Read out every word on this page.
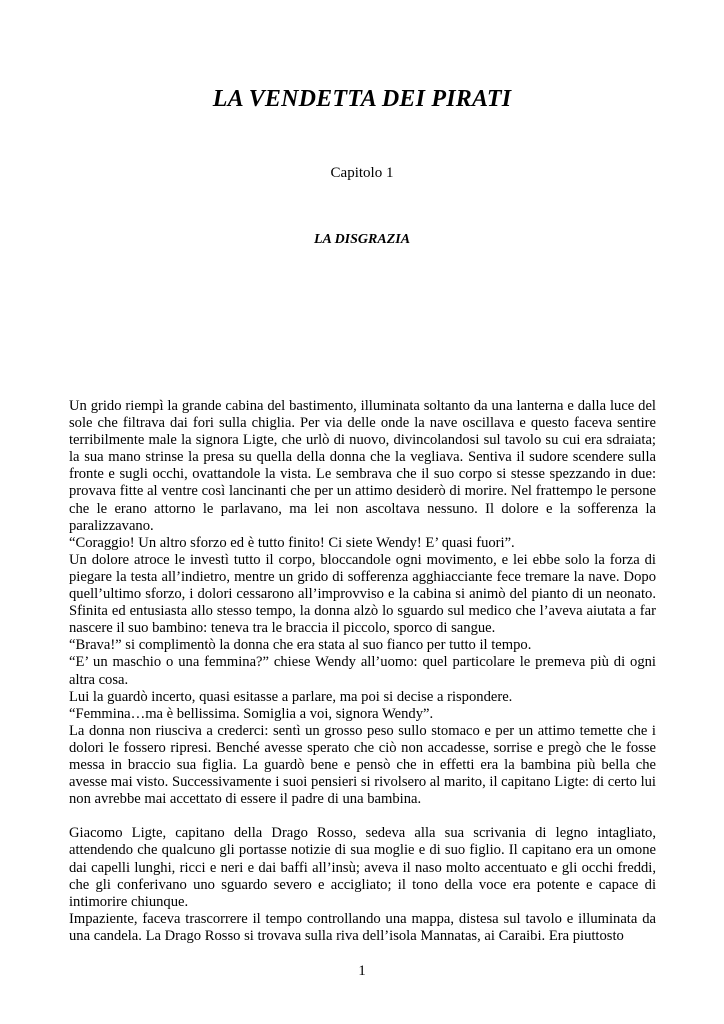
LA VENDETTA DEI PIRATI
Capitolo 1
LA DISGRAZIA

Un grido riempì la grande cabina del bastimento, illuminata soltanto da una lanterna e dalla luce del sole che filtrava dai fori sulla chiglia. Per via delle onde la nave oscillava e questo faceva sentire terribilmente male la signora Ligte, che urlò di nuovo, divincolandosi sul tavolo su cui era sdraiata; la sua mano strinse la presa su quella della donna che la vegliava. Sentiva il sudore scendere sulla fronte e sugli occhi, ovattandole la vista. Le sembrava che il suo corpo si stesse spezzando in due: provava fitte al ventre così lancinanti che per un attimo desiderò di morire. Nel frattempo le persone che le erano attorno le parlavano, ma lei non ascoltava nessuno. Il dolore e la sofferenza la paralizzavano.

“Coraggio! Un altro sforzo ed è tutto finito! Ci siete Wendy! E’ quasi fuori”.

Un dolore atroce le investì tutto il corpo, bloccandole ogni movimento, e lei ebbe solo la forza di piegare la testa all’indietro, mentre un grido di sofferenza agghiacciante fece tremare la nave. Dopo quell’ultimo sforzo, i dolori cessarono all’improvviso e la cabina si animò del pianto di un neonato. Sfinita ed entusiasta allo stesso tempo, la donna alzò lo sguardo sul medico che l’aveva aiutata a far nascere il suo bambino: teneva tra le braccia il piccolo, sporco di sangue.

“Brava!” si complimentò la donna che era stata al suo fianco per tutto il tempo.

“E’ un maschio o una femmina?” chiese Wendy all’uomo: quel particolare le premeva più di ogni altra cosa.

Lui la guardò incerto, quasi esitasse a parlare, ma poi si decise a rispondere.

“Femmina…ma è bellissima. Somiglia a voi, signora Wendy”.

La donna non riusciva a crederci: sentì un grosso peso sullo stomaco e per un attimo temette che i dolori le fossero ripresi. Benché avesse sperato che ciò non accadesse, sorrise e pregò che le fosse messa in braccio sua figlia. La guardò bene e pensò che in effetti era la bambina più bella che avesse mai visto. Successivamente i suoi pensieri si rivolsero al marito, il capitano Ligte: di certo lui non avrebbe mai accettato di essere il padre di una bambina.

Giacomo Ligte, capitano della Drago Rosso, sedeva alla sua scrivania di legno intagliato, attendendo che qualcuno gli portasse notizie di sua moglie e di suo figlio. Il capitano era un omone dai capelli lunghi, ricci e neri e dai baffi all’insù; aveva il naso molto accentuato e gli occhi freddi, che gli conferivano uno sguardo severo e accigliato; il tono della voce era potente e capace di intimorire chiunque.

Impaziente, faceva trascorrere il tempo controllando una mappa, distesa sul tavolo e illuminata da una candela. La Drago Rosso si trovava sulla riva dell’isola Mannatas, ai Caraibi. Era piuttosto

1
